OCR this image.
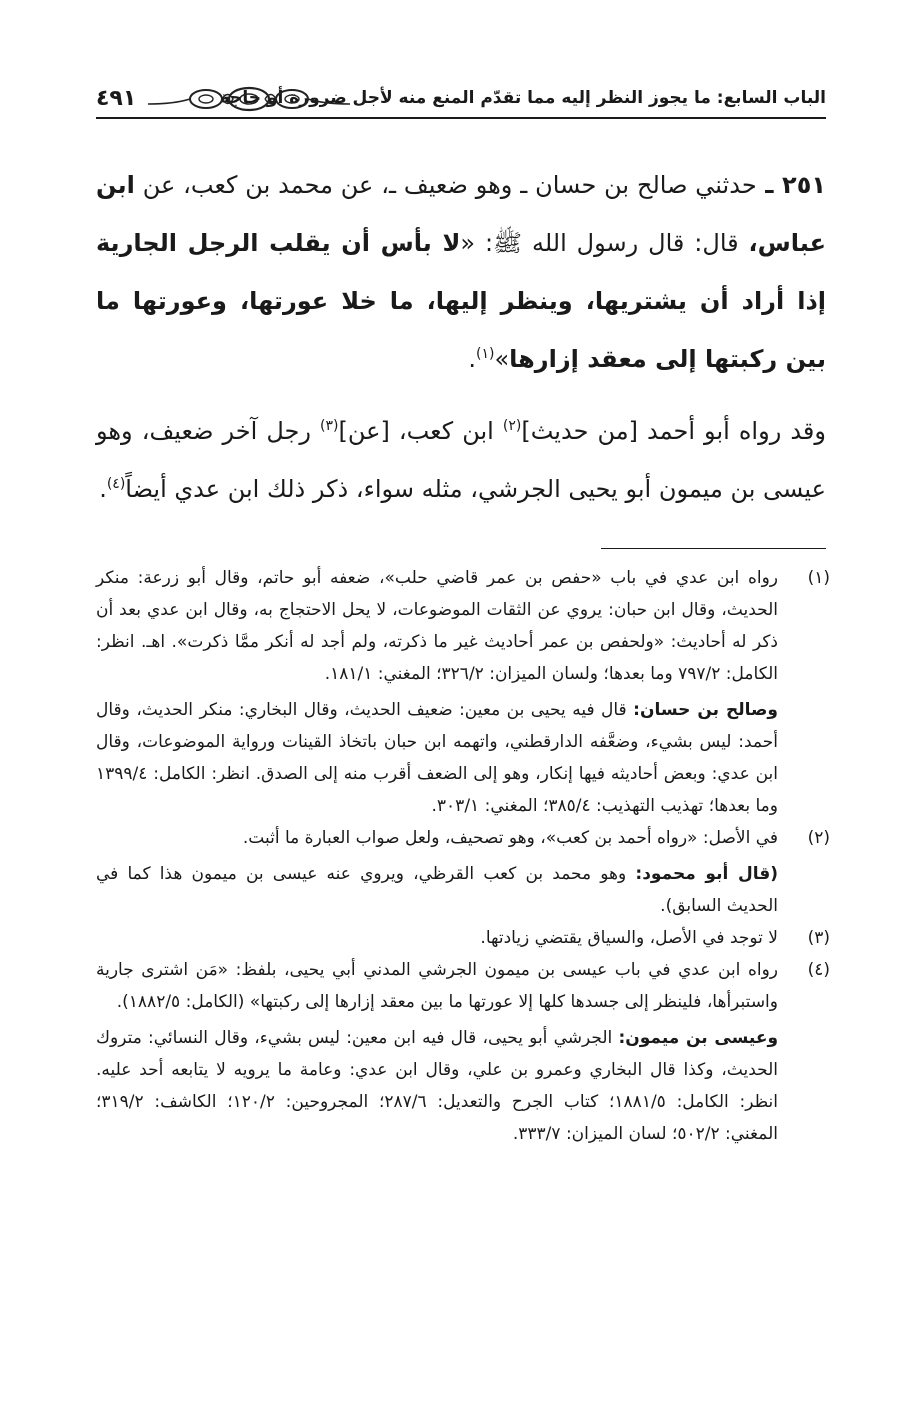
الباب السابع: ما يجوز النظر إليه مما تقدّم المنع منه لأجل ضرورة أو حاجة
٤٩١

٢٥١ ـ حدثني صالح بن حسان ـ وهو ضعيف ـ، عن محمد بن كعب، عن ابن عباس، قال: قال رسول الله ﷺ: «لا بأس أن يقلب الرجل الجارية إذا أراد أن يشتريها، وينظر إليها، ما خلا عورتها، وعورتها ما بين ركبتها إلى معقد إزارها»$^{(١)}$.

وقد رواه أبو أحمد [من حديث]$^{(٢)}$ ابن كعب، [عن]$^{(٣)}$ رجل آخر ضعيف، وهو عيسى بن ميمون أبو يحيى الجرشي، مثله سواء، ذكر ذلك ابن عدي أيضاً$^{(٤)}$.

(١)

رواه ابن عدي في باب «حفص بن عمر قاضي حلب»، ضعفه أبو حاتم، وقال أبو زرعة: منكر الحديث، وقال ابن حبان: يروي عن الثقات الموضوعات، لا يحل الاحتجاج به، وقال ابن عدي بعد أن ذكر له أحاديث: «ولحفص بن عمر أحاديث غير ما ذكرته، ولم أجد له أنكر ممَّا ذكرت». اهـ. انظر: الكامل: ٧٩٧/٢ وما بعدها؛ ولسان الميزان: ٣٢٦/٢؛ المغني: ١٨١/١.

وصالح بن حسان: قال فيه يحيى بن معين: ضعيف الحديث، وقال البخاري: منكر الحديث، وقال أحمد: ليس بشيء، وضعَّفه الدارقطني، واتهمه ابن حبان باتخاذ القينات ورواية الموضوعات، وقال ابن عدي: وبعض أحاديثه فيها إنكار، وهو إلى الضعف أقرب منه إلى الصدق. انظر: الكامل: ١٣٩٩/٤ وما بعدها؛ تهذيب التهذيب: ٣٨٥/٤؛ المغني: ٣٠٣/١.

(٢)

في الأصل: «رواه أحمد بن كعب»، وهو تصحيف، ولعل صواب العبارة ما أثبت.

(قال أبو محمود: وهو محمد بن كعب القرظي، ويروي عنه عيسى بن ميمون هذا كما في الحديث السابق).

(٣)

لا توجد في الأصل، والسياق يقتضي زيادتها.

(٤)

رواه ابن عدي في باب عيسى بن ميمون الجرشي المدني أبي يحيى، بلفظ: «مَن اشترى جارية واستبرأها، فلينظر إلى جسدها كلها إلا عورتها ما بين معقد إزارها إلى ركبتها» (الكامل: ١٨٨٢/٥).

وعيسى بن ميمون: الجرشي أبو يحيى، قال فيه ابن معين: ليس بشيء، وقال النسائي: متروك الحديث، وكذا قال البخاري وعمرو بن علي، وقال ابن عدي: وعامة ما يرويه لا يتابعه أحد عليه. انظر: الكامل: ١٨٨١/٥؛ كتاب الجرح والتعديل: ٢٨٧/٦؛ المجروحين: ١٢٠/٢؛ الكاشف: ٣١٩/٢؛ المغني: ٥٠٢/٢؛ لسان الميزان: ٣٣٣/٧.
